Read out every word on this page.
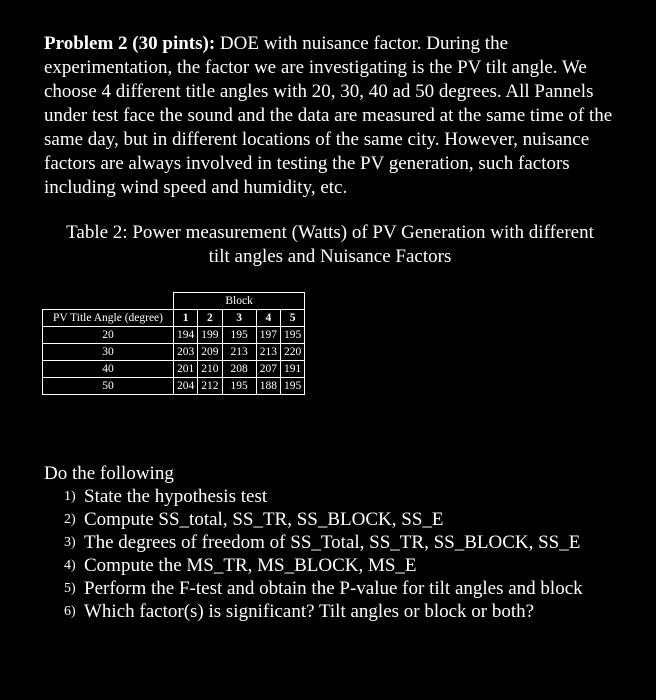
Problem 2 (30 pints): DOE with nuisance factor. During the experimentation, the factor we are investigating is the PV tilt angle. We choose 4 different title angles with 20, 30, 40 ad 50 degrees. All Pannels under test face the sound and the data are measured at the same time of the same day, but in different locations of the same city. However, nuisance factors are always involved in testing the PV generation, such factors including wind speed and humidity, etc.

Table 2: Power measurement (Watts) of PV Generation with different tilt angles and Nuisance Factors

	Block				
PV Title Angle (degree)	1	2	3	4	5
20	194	199	195	197	195
30	203	209	213	213	220
40	201	210	208	207	191
50	204	212	195	188	195

Do the following

1) State the hypothesis test
2) Compute SS_total, SS_TR, SS_BLOCK, SS_E
3) The degrees of freedom of SS_Total, SS_TR, SS_BLOCK, SS_E
4) Compute the MS_TR, MS_BLOCK, MS_E
5) Perform the F-test and obtain the P-value for tilt angles and block
6) Which factor(s) is significant? Tilt angles or block or both?
